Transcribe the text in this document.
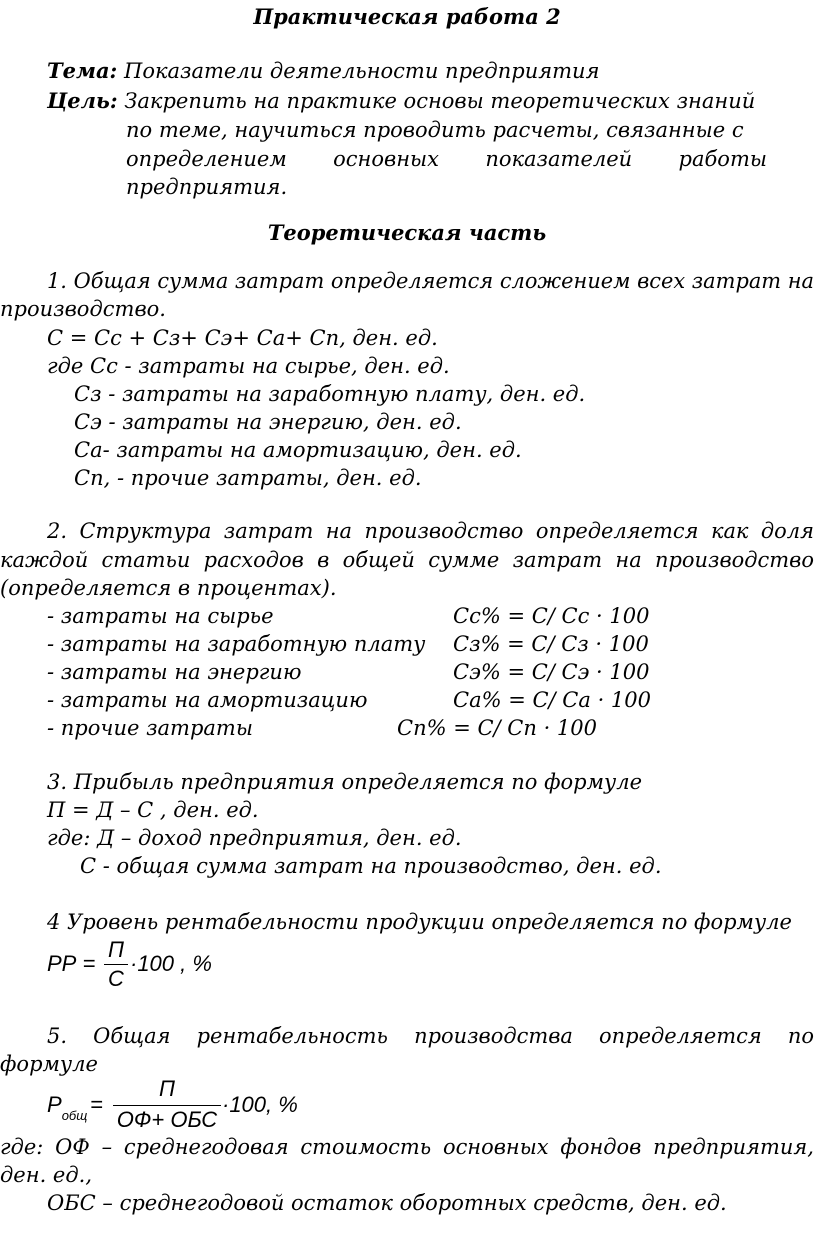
Практическая работа 2
Тема: Показатели деятельности предприятия
Цель: Закрепить на практике основы теоретических знаний
по теме, научиться проводить расчеты, связанные с
определением основных показателей работы
предприятия.
Теоретическая часть
1. Общая сумма затрат определяется сложением всех затрат на
производство.
С = Сс + Сз+ Сэ+ Са+ Сп, ден. ед.
где Сс - затраты на сырье, ден. ед.
Сз - затраты на заработную плату, ден. ед.
Сэ - затраты на энергию, ден. ед.
Са- затраты на амортизацию, ден. ед.
Сп, - прочие затраты, ден. ед.
2. Структура затрат на производство определяется как доля
каждой статьи расходов в общей сумме затрат на производство
(определяется в процентах).
- затраты на сырье	Сс% = С/ Сс · 100
- затраты на заработную плату Сз% = С/ Сз · 100
- затраты на энергию	Сэ% = С/ Сэ · 100
- затраты на амортизацию	Са% = С/ Са · 100
- прочие затраты	Сп% = С/ Сп · 100
3. Прибыль предприятия определяется по формуле
П = Д – С , ден. ед.
где: Д – доход предприятия, ден. ед.
С - общая сумма затрат на производство, ден. ед.
4 Уровень рентабельности продукции определяется по формуле
РР =
П
С
·100 , %
5. Общая рентабельность производства определяется по
формуле
$Р_{общ}$ =
П
ОФ+ ОБС
·100, %
где: ОФ – среднегодовая стоимость основных фондов предприятия,
ден. ед.,
ОБС – среднегодовой остаток оборотных средств, ден. ед.
